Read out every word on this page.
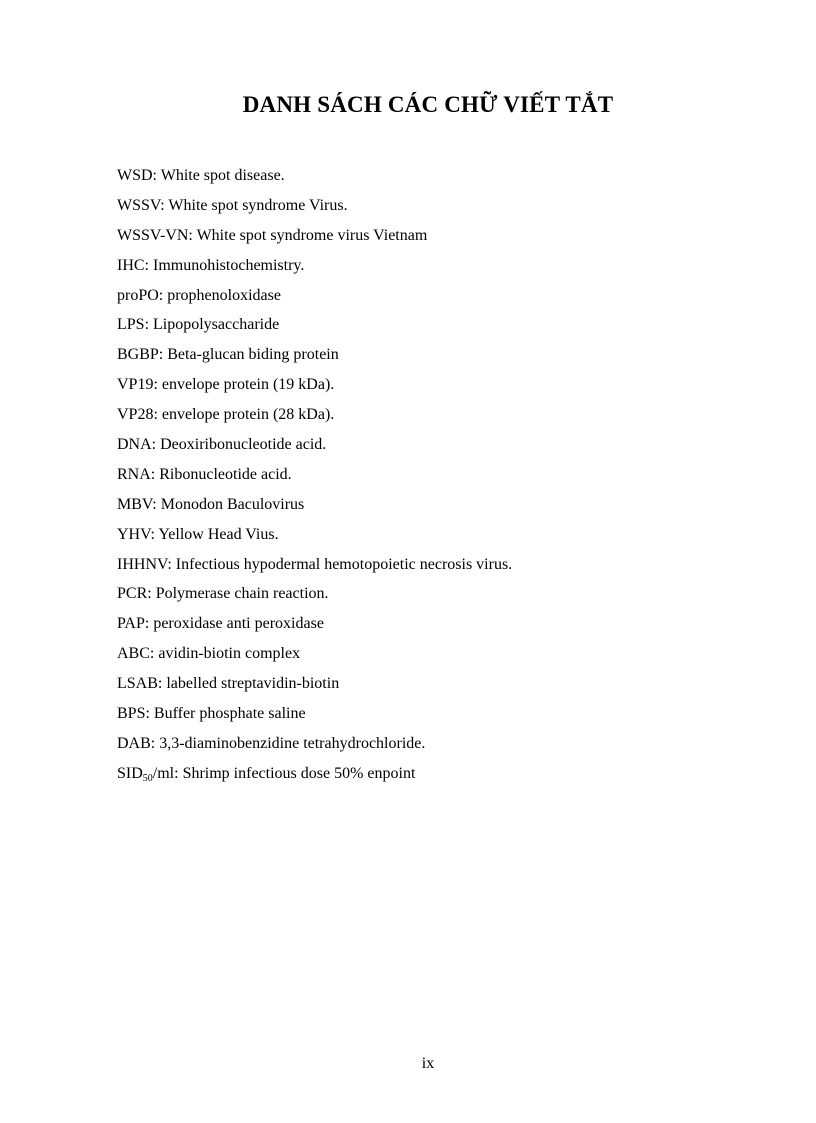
DANH SÁCH CÁC CHỮ VIẾT TẮT
WSD: White spot disease.
WSSV: White spot syndrome Virus.
WSSV-VN: White spot syndrome virus Vietnam
IHC: Immunohistochemistry.
proPO: prophenoloxidase
LPS: Lipopolysaccharide
BGBP: Beta-glucan biding protein
VP19: envelope protein (19 kDa).
VP28: envelope protein (28 kDa).
DNA: Deoxiribonucleotide acid.
RNA: Ribonucleotide acid.
MBV: Monodon Baculovirus
YHV: Yellow Head Vius.
IHHNV: Infectious hypodermal hemotopoietic necrosis virus.
PCR: Polymerase chain reaction.
PAP: peroxidase anti peroxidase
ABC: avidin-biotin complex
LSAB: labelled streptavidin-biotin
BPS: Buffer phosphate saline
DAB: 3,3-diaminobenzidine tetrahydrochloride.
$SID_{50}/ml$: Shrimp infectious dose 50% enpoint

ix
